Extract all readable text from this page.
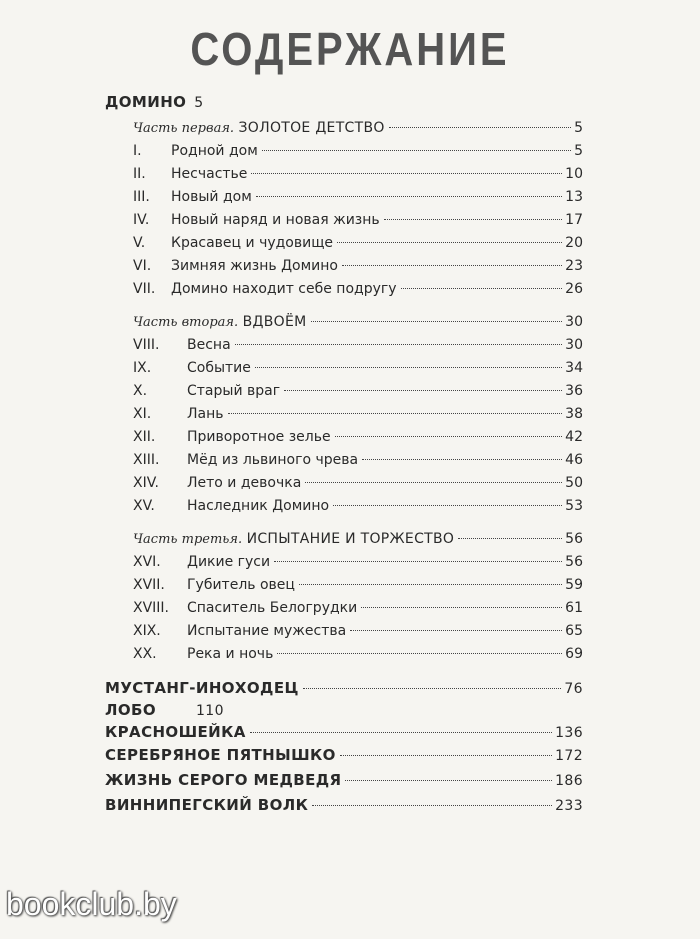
СОДЕРЖАНИЕ
ДОМИНО 5
Часть первая. ЗОЛОТОЕ ДЕТСТВО	5
I. Родной дом	5
II. Несчастье	10
III. Новый дом	13
IV. Новый наряд и новая жизнь	17
V. Красавец и чудовище	20
VI. Зимняя жизнь Домино	23
VII. Домино находит себе подругу	26
Часть вторая. ВДВОЁМ	30
VIII. Весна	30
IX.	Событие	34
X.	Старый враг	36
XI.	Лань	38
XII. Приворотное зелье	42
XIII. Мёд из львиного чрева	46
XIV. Лето и девочка	50
XV. Наследник Домино	53
Часть третья. ИСПЫТАНИЕ И ТОРЖЕСТВО	56
XVI. Дикие гуси	56
XVII. Губитель овец	59
XVIII. Спаситель Белогрудки	61
XIX. Испытание мужества	65
XX. Река и ночь	69
МУСТАНГ-ИНОХОДЕЦ	76
ЛОБО	110
КРАСНОШЕЙКА	136
СЕРЕБРЯНОЕ ПЯТНЫШКО	172
ЖИЗНЬ СЕРОГО МЕДВЕДЯ	186
ВИННИПЕГСКИЙ ВОЛК	233
bookclub.by
